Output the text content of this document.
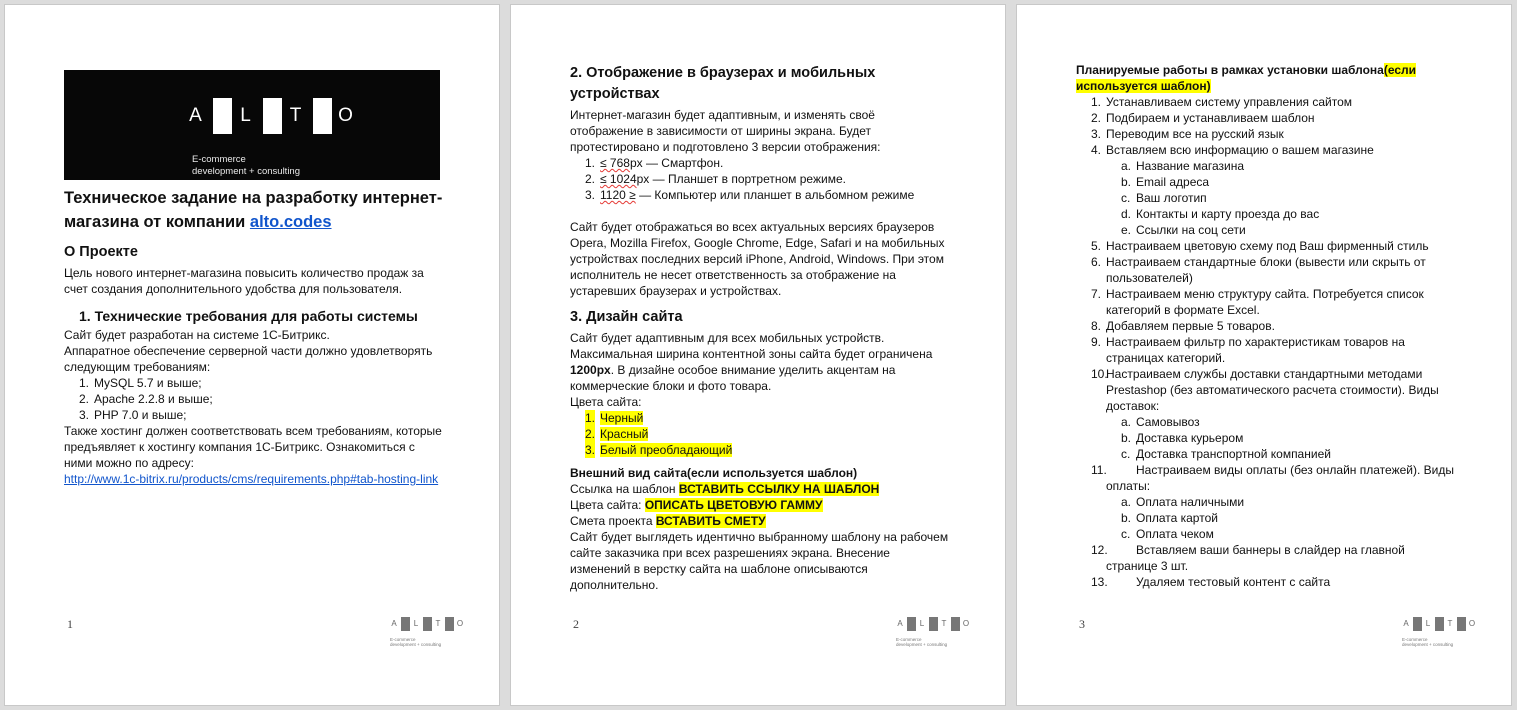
A L T O
E-commerce
development + consulting
Техническое задание на разработку интернет-магазина от компании alto.codes
О Проекте

Цель нового интернет-магазина повысить количество продаж за счет создания дополнительного удобства для пользователя.

1. Технические требования для работы системы

Сайт будет разработан на системе 1С-Битрикс.

Аппаратное обеспечение серверной части должно удовлетворять следующим требованиям:

1. MySQL 5.7 и выше;
2. Apache 2.2.8 и выше;
3. PHP 7.0 и выше;

Также хостинг должен соответствовать всем требованиям, которые предъявляет к хостингу компания 1С-Битрикс. Ознакомиться с ними можно по адресу:

http://www.1c-bitrix.ru/products/cms/requirements.php#tab-hosting-link

1	A L T O
E-commerce
development + consulting
2. Отображение в браузерах и мобильных устройствах

Интернет-магазин будет адаптивным, и изменять своё отображение в зависимости от ширины экрана. Будет протестировано и подготовлено 3 версии отображения:

1. ≤ 768px — Смартфон.
2. ≤ 1024px — Планшет в портретном режиме.
3. 1120 ≥ — Компьютер или планшет в альбомном режиме

Сайт будет отображаться во всех актуальных версиях браузеров Opera, Mozilla Firefox, Google Chrome, Edge, Safari и на мобильных устройствах последних версий iPhone, Android, Windows. При этом исполнитель не несет ответственность за отображение на устаревших браузерах и устройствах.

3. Дизайн сайта

Сайт будет адаптивным для всех мобильных устройств. Максимальная ширина контентной зоны сайта будет ограничена 1200px. В дизайне особое внимание уделить акцентам на коммерческие блоки и фото товара.

Цвета сайта:

1. Черный
2. Красный
3. Белый преобладающий

Внешний вид сайта(если используется шаблон)

Ссылка на шаблон ВСТАВИТЬ ССЫЛКУ НА ШАБЛОН

Цвета сайта: ОПИСАТЬ ЦВЕТОВУЮ ГАММУ

Смета проекта ВСТАВИТЬ СМЕТУ

Сайт будет выглядеть идентично выбранному шаблону на рабочем сайте заказчика при всех разрешениях экрана. Внесение изменений в верстку сайта на шаблоне описываются дополнительно.

2	A L T O
E-commerce
development + consulting

Планируемые работы в рамках установки шаблона(если используется шаблон)

1. Устанавливаем систему управления сайтом
2. Подбираем и устанавливаем шаблон
3. Переводим все на русский язык
4. Вставляем всю информацию о вашем магазине
a. Название магазина
b. Email адреса
c. Ваш логотип
d. Контакты и карту проезда до вас
e. Ссылки на соц сети
5. Настраиваем цветовую схему под Ваш фирменный стиль
6. Настраиваем стандартные блоки (вывести или скрыть от пользователей)
7. Настраиваем меню структуру сайта. Потребуется список категорий в формате Excel.
8. Добавляем первые 5 товаров.
9. Настраиваем фильтр по характеристикам товаров на страницах категорий.
10.
Настраиваем службы доставки стандартными методами Prestashop (без автоматического расчета стоимости). Виды доставок:
a. Самовывоз
b. Доставка курьером
c. Доставка транспортной компанией
11. Настраиваем виды оплаты (без онлайн платежей). Виды оплаты:
a. Оплата наличными
b. Оплата картой
c. Оплата чеком
12. Вставляем ваши баннеры в слайдер на главной странице 3 шт.
13. Удаляем тестовый контент с сайта
3	A L T O
E-commerce
development + consulting
